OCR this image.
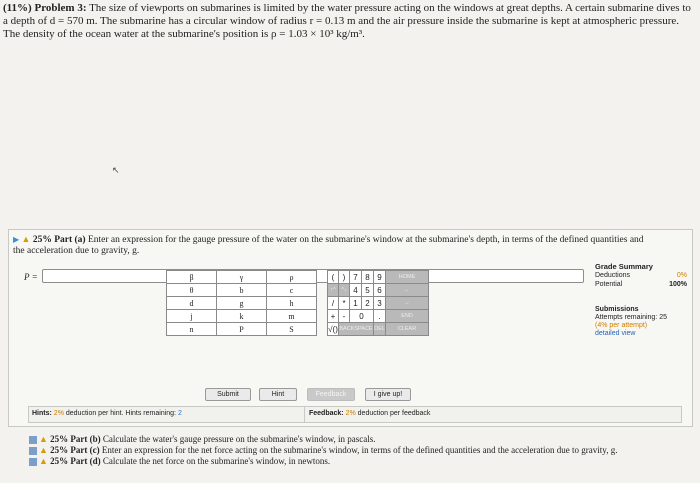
(11%) Problem 3: The size of viewports on submarines is limited by the water pressure acting on the windows at great depths. A certain submarine dives to a depth of d = 570 m. The submarine has a circular window of radius r = 0.13 m and the air pressure inside the submarine is kept at atmospheric pressure. The density of the ocean water at the submarine's position is ρ = 1.03 × 10³ kg/m³.
↖
▶ ▲ 25% Part (a) Enter an expression for the gauge pressure of the water on the submarine's window at the submarine's depth, in terms of the defined quantities and the acceleration due to gravity, g.
P =
Grade Summary
Deductions	0%
Potential	100%
Submissions
Attempts remaining: 25
(4% per attempt)
detailed view
β	γ	ρ
θ	b	c
d	g	h
j	k	m
n	P	S
(	)	7	8	9	HOME
↑^	^↓	4	5	6	←
/	*	1	2	3	→
+	-	0		.	END
√()	BACKSPACE			DEL	CLEAR
Submit	Hint	Feedback	I give up!
Hints: 2% deduction per hint. Hints remaining: 2	Feedback: 2% deduction per feedback
▲
25% Part (b) Calculate the water's gauge pressure on the submarine's window, in pascals.
▲
25% Part (c) Enter an expression for the net force acting on the submarine's window, in terms of the defined quantities and the acceleration due to gravity, g.
▲
25% Part (d) Calculate the net force on the submarine's window, in newtons.
